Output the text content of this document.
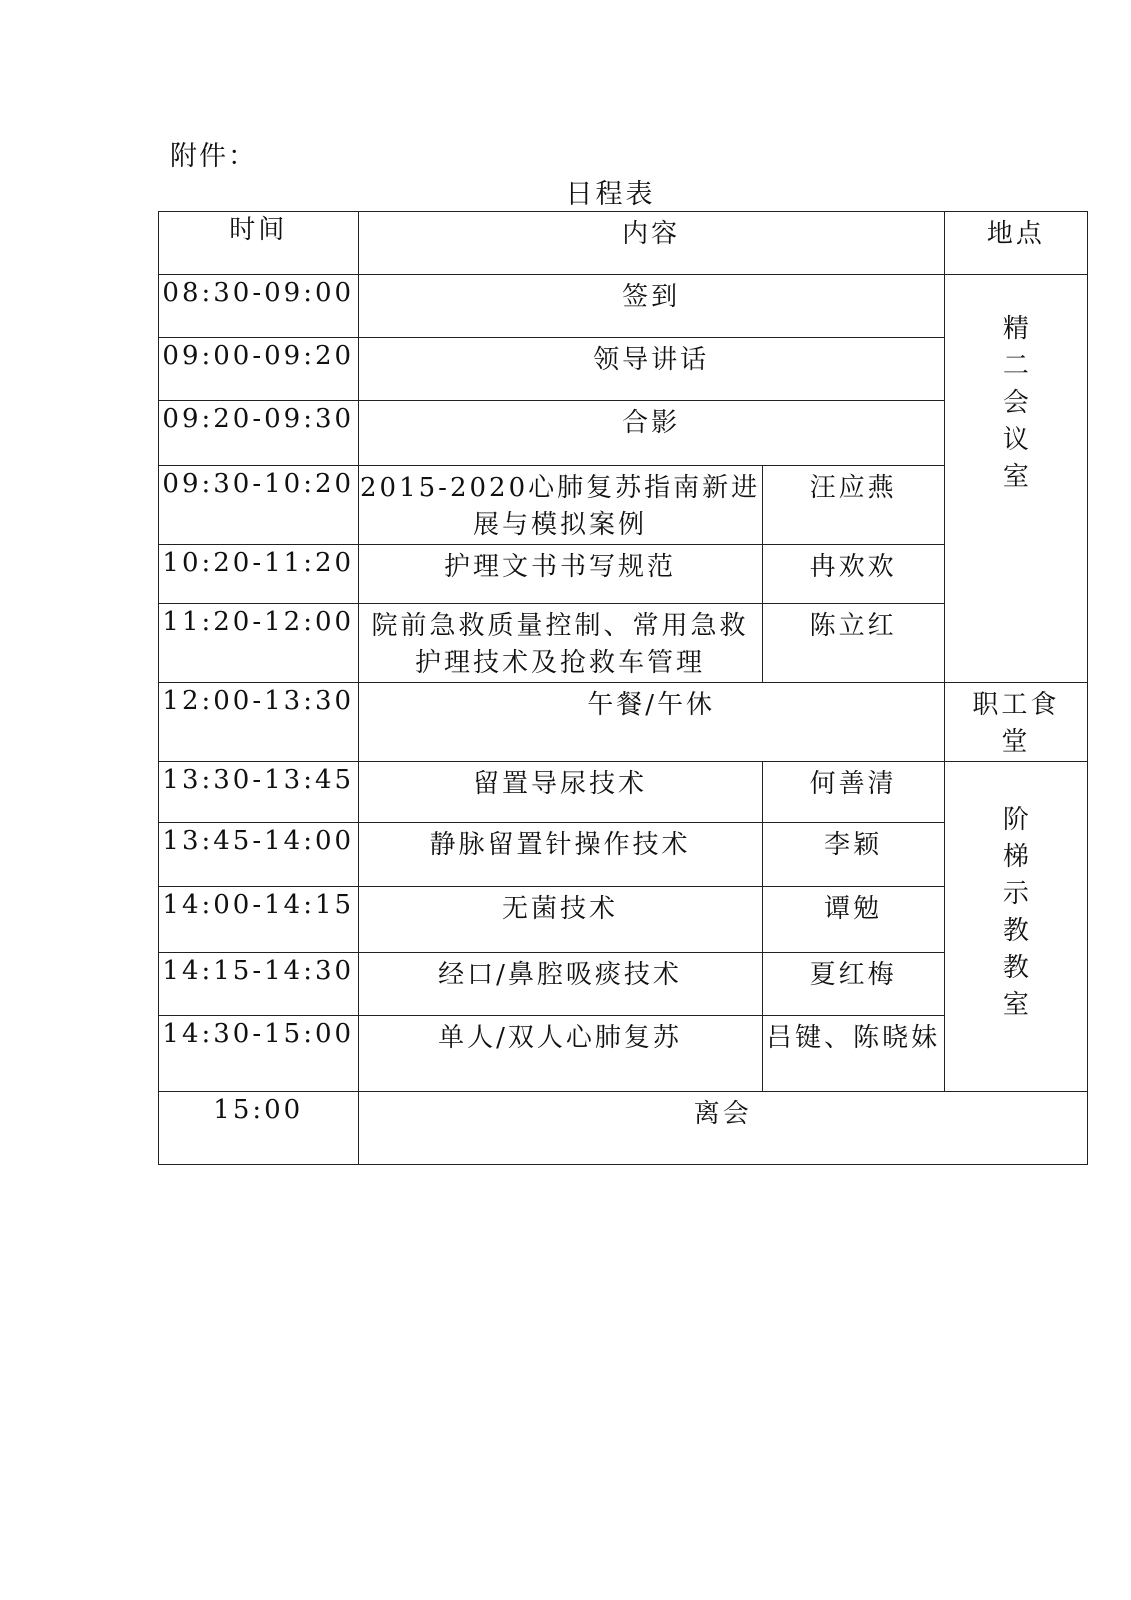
附件：
日程表
时间	内容		地点

08:30-09:00	签到		精二会议室
09:00-09:20	领导讲话		

09:20-09:30	合影		

09:30-10:20	2015-2020心肺复苏指南新进展与模拟案例	汪应燕	

10:20-11:20	护理文书书写规范	冉欢欢	

11:20-12:00	院前急救质量控制、常用急救护理技术及抢救车管理	陈立红	

12:00-13:30	午餐/午休		职工食堂

13:30-13:45	留置导尿技术	何善清	阶梯示教教室
13:45-14:00	静脉留置针操作技术	李颖	

14:00-14:15	无菌技术	谭勉	

14:15-14:30	经口/鼻腔吸痰技术	夏红梅	

14:30-15:00	单人/双人心肺复苏	吕键、陈晓妹	

15:00	离会		
